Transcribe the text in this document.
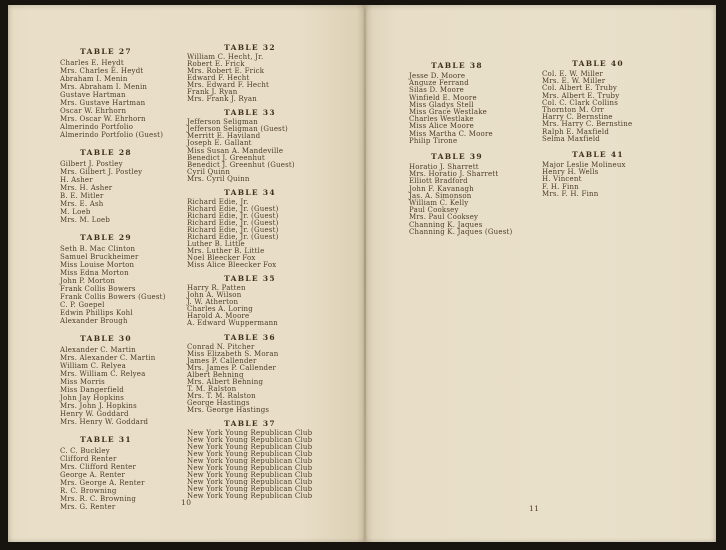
TABLE 27
Charles E. Heydt
Mrs. Charles E. Heydt
Abraham I. Menin
Mrs. Abraham I. Menin
Gustave Hartman
Mrs. Gustave Hartman
Oscar W. Ehrhorn
Mrs. Oscar W. Ehrhorn
Almerindo Portfolio
Almerindo Portfolio (Guest)
TABLE 28
Gilbert J. Postley
Mrs. Gilbert J. Postley
H. Asher
Mrs. H. Asher
B. E. Mitler
Mrs. E. Ash
M. Loeb
Mrs. M. Loeb
TABLE 29
Seth B. Mac Clinton
Samuel Bruckheimer
Miss Louise Morton
Miss Edna Morton
John P. Morton
Frank Collis Bowers
Frank Collis Bowers (Guest)
C. P. Goepel
Edwin Phillips Kohl
Alexander Brough
TABLE 30
Alexander C. Martin
Mrs. Alexander C. Martin
William C. Relyea
Mrs. William C. Relyea
Miss Morris
Miss Dangerfield
John Jay Hopkins
Mrs. John J. Hopkins
Henry W. Goddard
Mrs. Henry W. Goddard
TABLE 31
C. C. Buckley
Clifford Renter
Mrs. Clifford Renter
George A. Renter
Mrs. George A. Renter
R. C. Browning
Mrs. R. C. Browning
Mrs. G. Renter
TABLE 32
William C. Hecht, Jr.
Robert E. Frick
Mrs. Robert E. Frick
Edward F. Hecht
Mrs. Edward F. Hecht
Frank J. Ryan
Mrs. Frank J. Ryan
TABLE 33
Jefferson Seligman
Jefferson Seligman (Guest)
Merritt E. Haviland
Joseph E. Gallant
Miss Susan A. Mandeville
Benedict J. Greenhut
Benedict J. Greenhut (Guest)
Cyril Quinn
Mrs. Cyril Quinn
TABLE 34
Richard Edie, Jr.
Richard Edie, Jr. (Guest)
Richard Edie, Jr. (Guest)
Richard Edie, Jr. (Guest)
Richard Edie, Jr. (Guest)
Richard Edie, Jr. (Guest)
Luther B. Little
Mrs. Luther B. Little
Noel Bleecker Fox
Miss Alice Bleecker Fox
TABLE 35
Harry R. Patten
John A. Wilson
J. W. Atherton
Charles A. Loring
Harold A. Moore
A. Edward Wuppermann
TABLE 36
Conrad N. Pitcher
Miss Elizabeth S. Moran
James P. Callender
Mrs. James P. Callender
Albert Behning
Mrs. Albert Behning
T. M. Ralston
Mrs. T. M. Ralston
George Hastings
Mrs. George Hastings
TABLE 37
New York Young Republican Club
New York Young Republican Club
New York Young Republican Club
New York Young Republican Club
New York Young Republican Club
New York Young Republican Club
New York Young Republican Club
New York Young Republican Club
New York Young Republican Club
New York Young Republican Club
10
TABLE 38
Jesse D. Moore
Anguze Ferrand
Silas D. Moore
Winfield E. Moore
Miss Gladys Stell
Miss Grace Westlake
Charles Westlake
Miss Alice Moore
Miss Martha C. Moore
Philip Tirone
TABLE 39
Horatio J. Sharrett
Mrs. Horatio J. Sharrett
Elliott Bradford
John F. Kavanagh
Jas. A. Simonson
William C. Kelly
Paul Cooksey
Mrs. Paul Cooksey
Channing K. Jaques
Channing K. Jaques (Guest)
TABLE 40
Col. E. W. Miller
Mrs. E. W. Miller
Col. Albert E. Truby
Mrs. Albert E. Truby
Col. C. Clark Collins
Thornton M. Orr
Harry C. Bernstine
Mrs. Harry C. Bernstine
Ralph E. Maxfield
Selma Maxfield
TABLE 41
Major Leslie Molineux
Henry H. Wells
H. Vincent
F. H. Finn
Mrs. F. H. Finn
11
